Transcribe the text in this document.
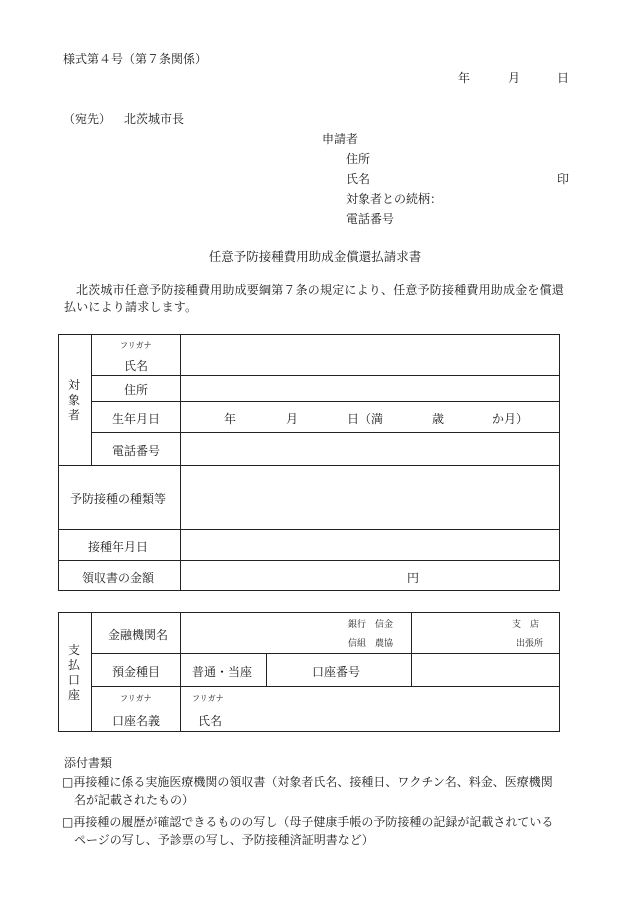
様式第４号（第７条関係）
年	月	日
（宛先） 北茨城市長
申請者
住所
氏名	印
対象者との続柄：
電話番号
任意予防接種費用助成金償還払請求書
北茨城市任意予防接種費用助成要綱第７条の規定により、任意予防接種費用助成金を償還
払いにより請求します。
対
象
者
フリガナ
氏名
住所
生年月日	年	月	日（満	歳	か月）
電話番号
予防接種の種類等
接種年月日
領収書の金額	円
支
払
口
座
金融機関名
銀行　信金
信組　農協
支　店
出張所
預金種目	普通・当座	口座番号
フリガナ	フリガナ
口座名義	氏名
添付書類
□再接種に係る実施医療機関の領収書（対象者氏名、接種日、ワクチン名、料金、医療機関
名が記載されたもの）
□再接種の履歴が確認できるものの写し（母子健康手帳の予防接種の記録が記載されている
ページの写し、予診票の写し、予防接種済証明書など）
